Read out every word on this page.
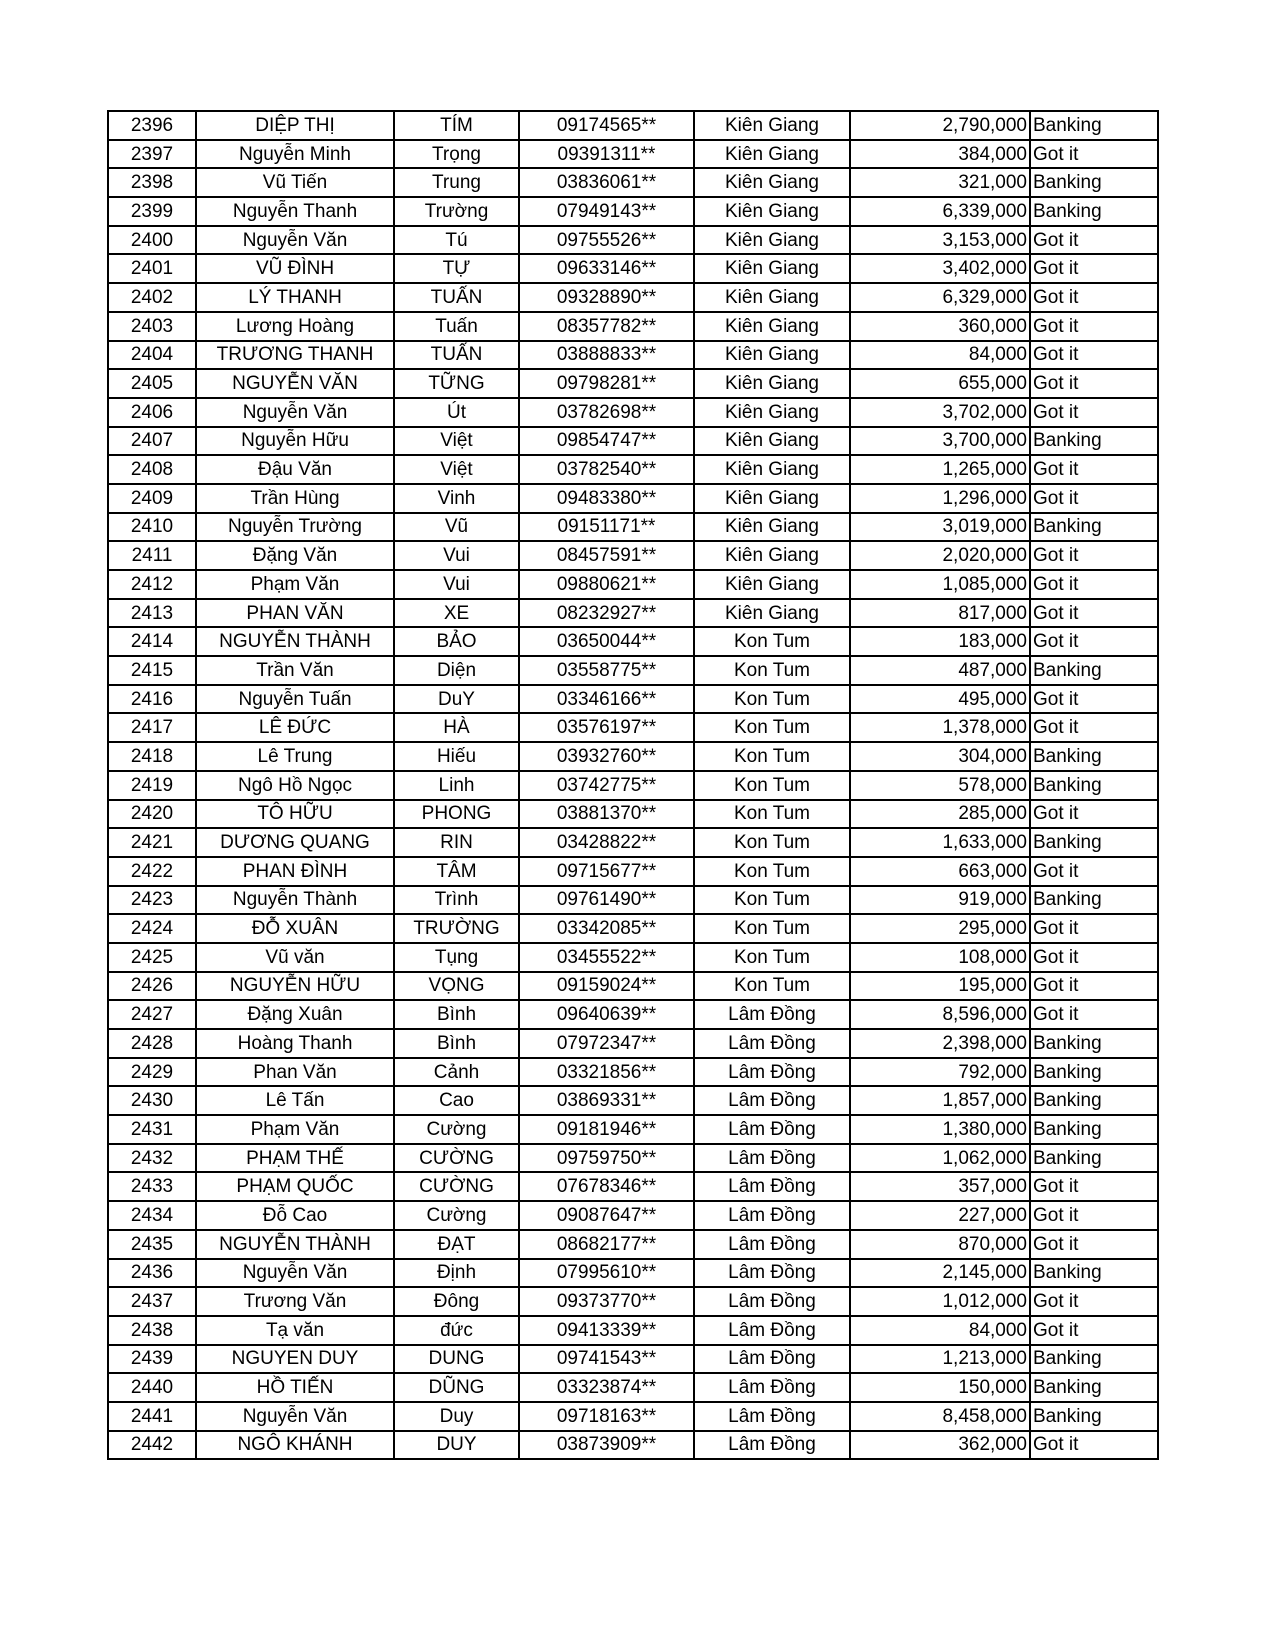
2396	DIỆP THỊ	TÍM	09174565**	Kiên Giang	2,790,000	Banking
2397	Nguyễn Minh	Trọng	09391311**	Kiên Giang	384,000	Got it
2398	Vũ Tiến	Trung	03836061**	Kiên Giang	321,000	Banking
2399	Nguyễn Thanh	Trường	07949143**	Kiên Giang	6,339,000	Banking
2400	Nguyễn Văn	Tú	09755526**	Kiên Giang	3,153,000	Got it
2401	VŨ ĐÌNH	TỰ	09633146**	Kiên Giang	3,402,000	Got it
2402	LÝ THANH	TUẤN	09328890**	Kiên Giang	6,329,000	Got it
2403	Lương Hoàng	Tuấn	08357782**	Kiên Giang	360,000	Got it
2404	TRƯƠNG THANH	TUẤN	03888833**	Kiên Giang	84,000	Got it
2405	NGUYỄN VĂN	TỮNG	09798281**	Kiên Giang	655,000	Got it
2406	Nguyễn Văn	Út	03782698**	Kiên Giang	3,702,000	Got it
2407	Nguyễn Hữu	Việt	09854747**	Kiên Giang	3,700,000	Banking
2408	Đậu Văn	Việt	03782540**	Kiên Giang	1,265,000	Got it
2409	Trần Hùng	Vinh	09483380**	Kiên Giang	1,296,000	Got it
2410	Nguyễn Trường	Vũ	09151171**	Kiên Giang	3,019,000	Banking
2411	Đặng Văn	Vui	08457591**	Kiên Giang	2,020,000	Got it
2412	Phạm Văn	Vui	09880621**	Kiên Giang	1,085,000	Got it
2413	PHAN VĂN	XE	08232927**	Kiên Giang	817,000	Got it
2414	NGUYỄN THÀNH	BẢO	03650044**	Kon Tum	183,000	Got it
2415	Trần Văn	Diện	03558775**	Kon Tum	487,000	Banking
2416	Nguyễn Tuấn	DuY	03346166**	Kon Tum	495,000	Got it
2417	LÊ ĐỨC	HÀ	03576197**	Kon Tum	1,378,000	Got it
2418	Lê Trung	Hiếu	03932760**	Kon Tum	304,000	Banking
2419	Ngô Hồ Ngọc	Linh	03742775**	Kon Tum	578,000	Banking
2420	TÔ HỮU	PHONG	03881370**	Kon Tum	285,000	Got it
2421	DƯƠNG QUANG	RIN	03428822**	Kon Tum	1,633,000	Banking
2422	PHAN ĐÌNH	TÂM	09715677**	Kon Tum	663,000	Got it
2423	Nguyễn Thành	Trình	09761490**	Kon Tum	919,000	Banking
2424	ĐỖ XUÂN	TRƯỜNG	03342085**	Kon Tum	295,000	Got it
2425	Vũ văn	Tụng	03455522**	Kon Tum	108,000	Got it
2426	NGUYỄN HỮU	VỌNG	09159024**	Kon Tum	195,000	Got it
2427	Đặng Xuân	Bình	09640639**	Lâm Đồng	8,596,000	Got it
2428	Hoàng Thanh	Bình	07972347**	Lâm Đồng	2,398,000	Banking
2429	Phan Văn	Cảnh	03321856**	Lâm Đồng	792,000	Banking
2430	Lê Tấn	Cao	03869331**	Lâm Đồng	1,857,000	Banking
2431	Phạm Văn	Cường	09181946**	Lâm Đồng	1,380,000	Banking
2432	PHẠM THẾ	CƯỜNG	09759750**	Lâm Đồng	1,062,000	Banking
2433	PHẠM QUỐC	CƯỜNG	07678346**	Lâm Đồng	357,000	Got it
2434	Đỗ Cao	Cường	09087647**	Lâm Đồng	227,000	Got it
2435	NGUYỄN THÀNH	ĐẠT	08682177**	Lâm Đồng	870,000	Got it
2436	Nguyễn Văn	Định	07995610**	Lâm Đồng	2,145,000	Banking
2437	Trương Văn	Đông	09373770**	Lâm Đồng	1,012,000	Got it
2438	Tạ văn	đức	09413339**	Lâm Đồng	84,000	Got it
2439	NGUYEN DUY	DUNG	09741543**	Lâm Đồng	1,213,000	Banking
2440	HỒ TIẾN	DŨNG	03323874**	Lâm Đồng	150,000	Banking
2441	Nguyễn Văn	Duy	09718163**	Lâm Đồng	8,458,000	Banking
2442	NGÔ KHÁNH	DUY	03873909**	Lâm Đồng	362,000	Got it
